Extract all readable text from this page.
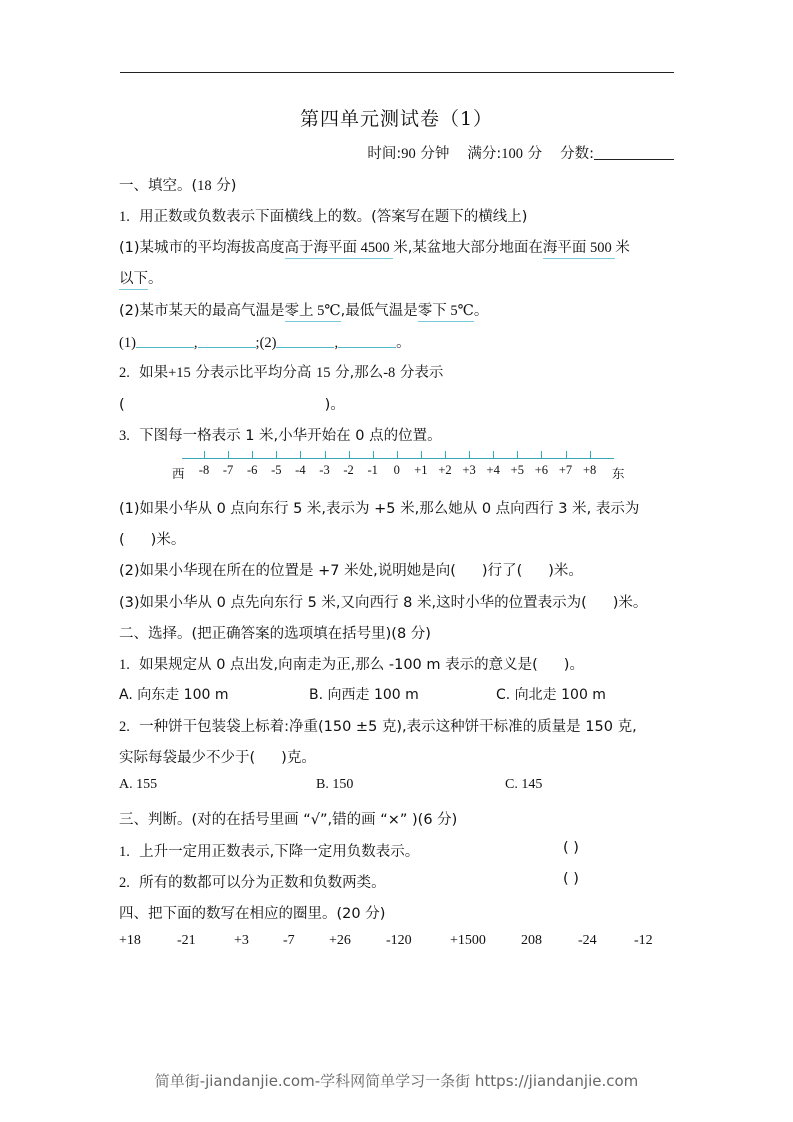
第四单元测试卷（1）
时间:90 分钟 满分:100 分 分数:
一、填空。(18 分)
1. 用正数或负数表示下面横线上的数。(答案写在题下的横线上)
(1)某城市的平均海拔高度高于海平面 4500 米,某盆地大部分地面在海平面 500 米
以下。
(2)某市某天的最高气温是零上 5℃,最低气温是零下 5℃。
(1)	,	;(2)	,	。
2. 如果+15 分表示比平均分高 15 分,那么-8 分表示
(	)。
3. 下图每一格表示 1 米,小华开始在 0 点的位置。
西	东
-8	-7	-6	-5	-4	-3	-2	-1	0	+1 +2 +3 +4 +5 +6 +7 +8
(1)如果小华从 0 点向东行 5 米,表示为 +5 米,那么她从 0 点向西行 3 米, 表示为
( )米。
(2)如果小华现在所在的位置是 +7 米处,说明她是向( )行了( )米。
(3)如果小华从 0 点先向东行 5 米,又向西行 8 米,这时小华的位置表示为( )米。
二、选择。(把正确答案的选项填在括号里)(8 分)
1. 如果规定从 0 点出发,向南走为正,那么 -100 m 表示的意义是( )。
A. 向东走 100 m	B. 向西走 100 m	C. 向北走 100 m
2. 一种饼干包装袋上标着:净重(150 ±5 克),表示这种饼干标准的质量是 150 克,
实际每袋最少不少于( )克。
A. 155	B. 150	C. 145
三、判断。(对的在括号里画 “√”,错的画 “×” )(6 分)
1. 上升一定用正数表示,下降一定用负数表示。	( )
2. 所有的数都可以分为正数和负数两类。	( )
四、把下面的数写在相应的圈里。(20 分)
+18	-21	+3 -7 +26	-120	+1500	208	-24	-12
简单街-jiandanjie.com-学科网简单学习一条街 https://jiandanjie.com
